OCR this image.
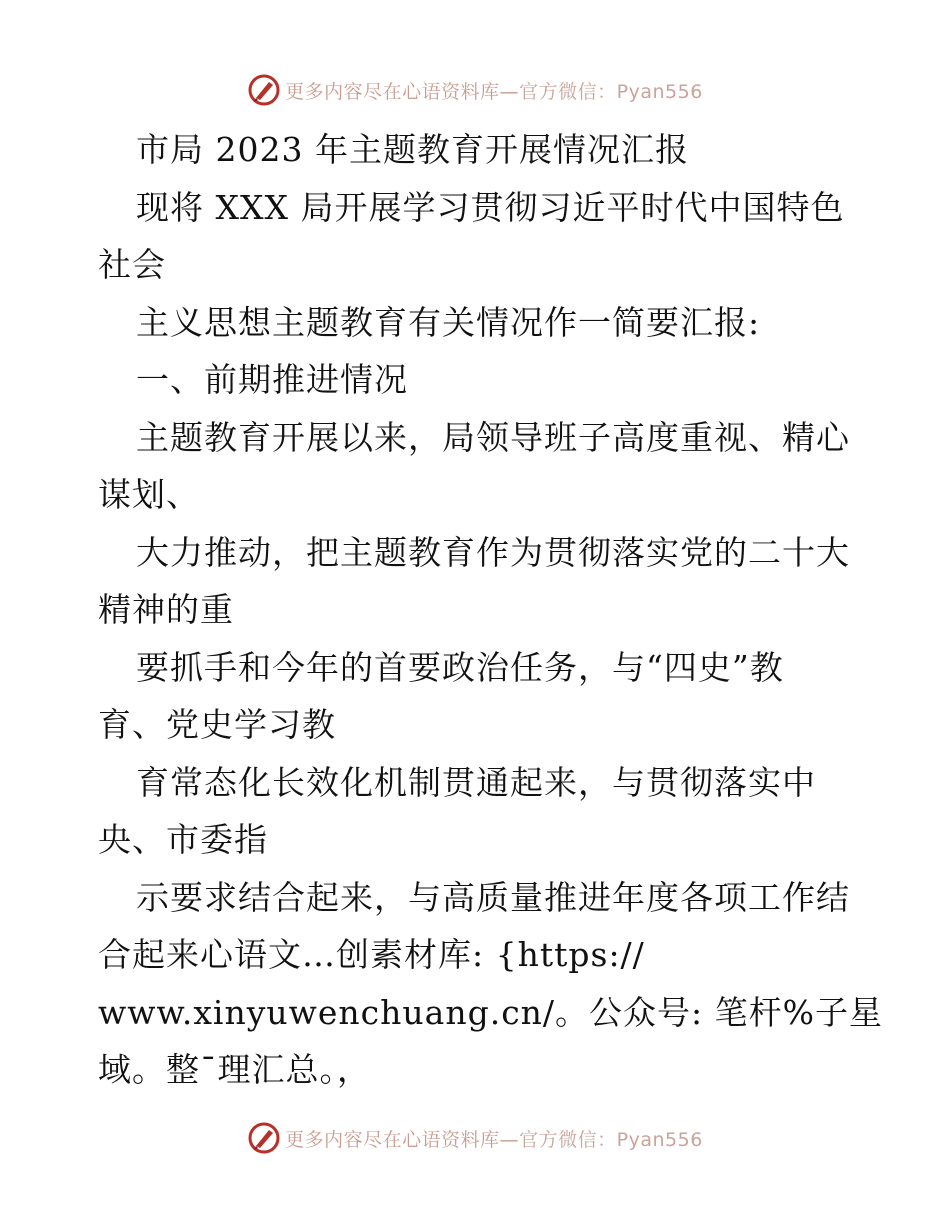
更多内容尽在心语资料库—官方微信：Pyan556
市局 2023 年主题教育开展情况汇报
现将 XXX 局开展学习贯彻习近平时代中国特色
社会
主义思想主题教育有关情况作一简要汇报:
一、前期推进情况
主题教育开展以来，局领导班子高度重视、精心
谋划、
大力推动，把主题教育作为贯彻落实党的二十大
精神的重
要抓手和今年的首要政治任务，与“四史”教
育、党史学习教
育常态化长效化机制贯通起来，与贯彻落实中
央、市委指
示要求结合起来，与高质量推进年度各项工作结
合起来心语文…创素材库: {https://
www.xinyuwenchuang.cn/。公众号: 笔杆%子星
域。整¯理汇总。，
更多内容尽在心语资料库—官方微信：Pyan556
